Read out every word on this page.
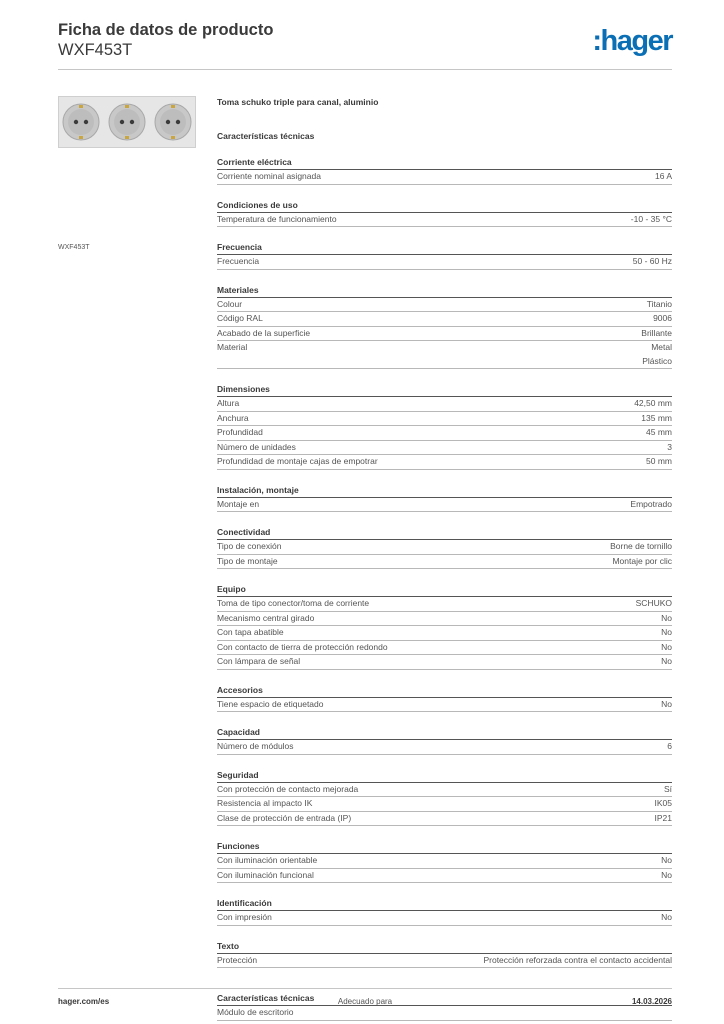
Ficha de datos de producto
WXF453T	:hager
WXF453T
Toma schuko triple para canal, aluminio
Características técnicas
Corriente eléctrica
Corriente nominal asignada	16 A
Condiciones de uso
Temperatura de funcionamiento	-10 - 35 °C
Frecuencia
Frecuencia	50 - 60 Hz
Materiales
Colour	Titanio
Código RAL	9006
Acabado de la superficie	Brillante
Material	Metal
Plástico
Dimensiones
Altura	42,50 mm
Anchura	135 mm
Profundidad	45 mm
Número de unidades	3
Profundidad de montaje cajas de empotrar	50 mm
Instalación, montaje
Montaje en	Empotrado
Conectividad
Tipo de conexión	Borne de tornillo
Tipo de montaje	Montaje por clic
Equipo
Toma de tipo conector/toma de corriente	SCHUKO
Mecanismo central girado	No
Con tapa abatible	No
Con contacto de tierra de protección redondo	No
Con lámpara de señal	No
Accesorios
Tiene espacio de etiquetado	No
Capacidad
Número de módulos	6
Seguridad
Con protección de contacto mejorada	Sí
Resistencia al impacto IK	IK05
Clase de protección de entrada (IP)	IP21
Funciones
Con iluminación orientable	No
Con iluminación funcional	No
Identificación
Con impresión	No
Texto
Protección	Protección reforzada contra el contacto accidental
Características técnicas
Módulo de escritorio
hager.com/es	Adecuado para	14.03.2026
